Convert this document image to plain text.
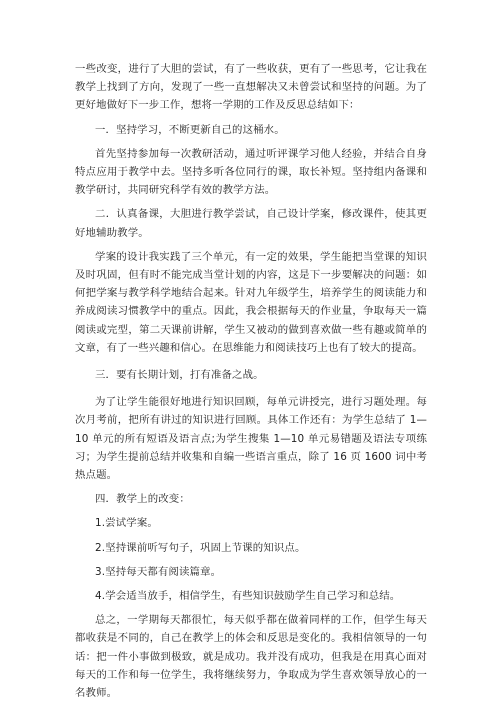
一些改变，进行了大胆的尝试，有了一些收获，更有了一些思考，它让我在教学上找到了方向，发现了一些一直想解决又未曾尝试和坚持的问题。为了更好地做好下一步工作，想将一学期的工作及反思总结如下：

一．坚持学习，不断更新自己的这桶水。

首先坚持参加每一次教研活动，通过听评课学习他人经验，并结合自身特点应用于教学中去。坚持多听各位同行的课，取长补短。坚持组内备课和教学研讨，共同研究科学有效的教学方法。

二．认真备课，大胆进行教学尝试，自己设计学案，修改课件，使其更好地辅助教学。

学案的设计我实践了三个单元，有一定的效果，学生能把当堂课的知识及时巩固，但有时不能完成当堂计划的内容，这是下一步要解决的问题：如何把学案与教学科学地结合起来。针对九年级学生，培养学生的阅读能力和养成阅读习惯教学中的重点。因此，我会根据每天的作业量，争取每天一篇阅读或完型，第二天课前讲解，学生又被动的做到喜欢做一些有趣或简单的文章，有了一些兴趣和信心。在思维能力和阅读技巧上也有了较大的提高。

三．要有长期计划，打有准备之战。

为了让学生能很好地进行知识回顾，每单元讲授完，进行习题处理。每次月考前，把所有讲过的知识进行回顾。具体工作还有：为学生总结了 1—10 单元的所有短语及语言点;为学生搜集 1—10 单元易错题及语法专项练习；为学生提前总结并收集和自编一些语言重点，除了 16 页 1600 词中考热点题。

四．教学上的改变：

1.尝试学案。

2.坚持课前听写句子，巩固上节课的知识点。

3.坚持每天都有阅读篇章。

4.学会适当放手，相信学生，有些知识鼓励学生自己学习和总结。

总之，一学期每天都很忙，每天似乎都在做着同样的工作，但学生每天都收获是不同的，自己在教学上的体会和反思是变化的。我相信领导的一句话：把一件小事做到极致，就是成功。我并没有成功，但我是在用真心面对每天的工作和每一位学生，我将继续努力，争取成为学生喜欢领导放心的一名教师。
